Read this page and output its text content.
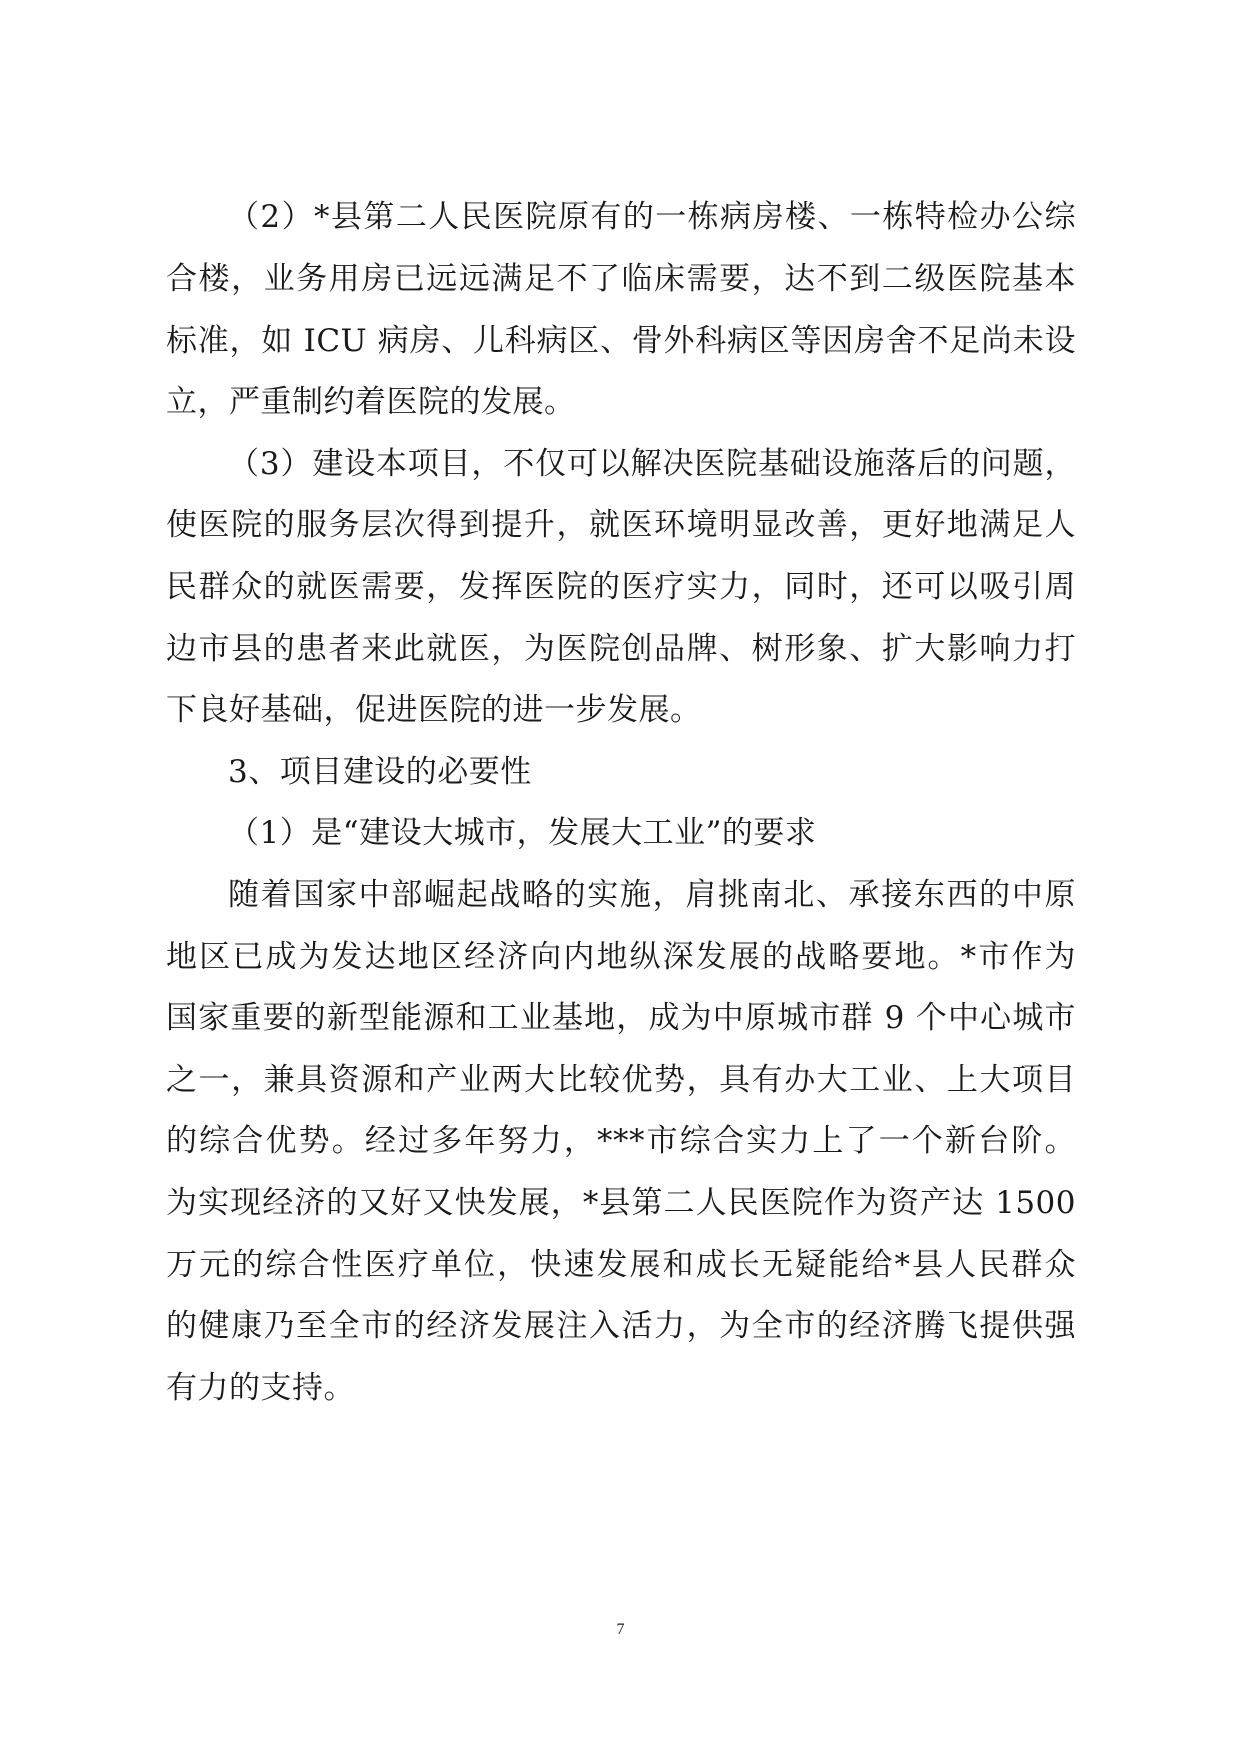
（2）*县第二人民医院原有的一栋病房楼、一栋特检办公综
合楼，业务用房已远远满足不了临床需要，达不到二级医院基本
标准，如 ICU 病房、儿科病区、骨外科病区等因房舍不足尚未设
立，严重制约着医院的发展。
（3）建设本项目，不仅可以解决医院基础设施落后的问题，
使医院的服务层次得到提升，就医环境明显改善，更好地满足人
民群众的就医需要，发挥医院的医疗实力，同时，还可以吸引周
边市县的患者来此就医，为医院创品牌、树形象、扩大影响力打
下良好基础，促进医院的进一步发展。
3、项目建设的必要性
（1）是“建设大城市，发展大工业”的要求
随着国家中部崛起战略的实施，肩挑南北、承接东西的中原
地区已成为发达地区经济向内地纵深发展的战略要地。*市作为
国家重要的新型能源和工业基地，成为中原城市群 9 个中心城市
之一，兼具资源和产业两大比较优势，具有办大工业、上大项目
的综合优势。经过多年努力，***市综合实力上了一个新台阶。
为实现经济的又好又快发展，*县第二人民医院作为资产达 1500
万元的综合性医疗单位，快速发展和成长无疑能给*县人民群众
的健康乃至全市的经济发展注入活力，为全市的经济腾飞提供强
有力的支持。
7
